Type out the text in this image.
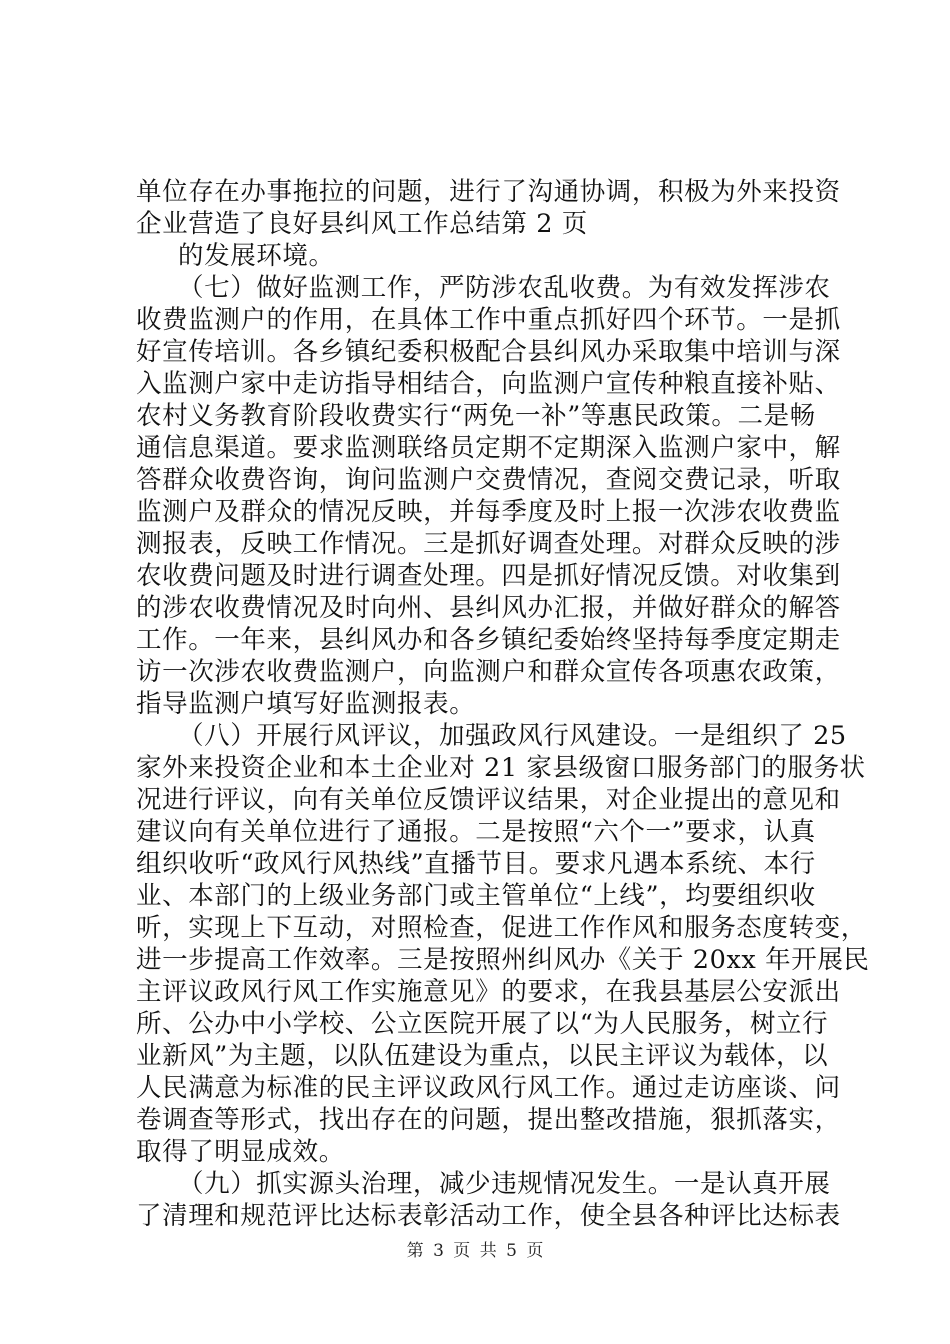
单位存在办事拖拉的问题，进行了沟通协调，积极为外来投资
企业营造了良好县纠风工作总结第 2 页
的发展环境。
（七）做好监测工作，严防涉农乱收费。为有效发挥涉农
收费监测户的作用，在具体工作中重点抓好四个环节。一是抓
好宣传培训。各乡镇纪委积极配合县纠风办采取集中培训与深
入监测户家中走访指导相结合，向监测户宣传种粮直接补贴、
农村义务教育阶段收费实行“两免一补”等惠民政策。二是畅
通信息渠道。要求监测联络员定期不定期深入监测户家中，解
答群众收费咨询，询问监测户交费情况，查阅交费记录，听取
监测户及群众的情况反映，并每季度及时上报一次涉农收费监
测报表，反映工作情况。三是抓好调查处理。对群众反映的涉
农收费问题及时进行调查处理。四是抓好情况反馈。对收集到
的涉农收费情况及时向州、县纠风办汇报，并做好群众的解答
工作。一年来，县纠风办和各乡镇纪委始终坚持每季度定期走
访一次涉农收费监测户，向监测户和群众宣传各项惠农政策，
指导监测户填写好监测报表。
（八）开展行风评议，加强政风行风建设。一是组织了 25
家外来投资企业和本土企业对 21 家县级窗口服务部门的服务状
况进行评议，向有关单位反馈评议结果，对企业提出的意见和
建议向有关单位进行了通报。二是按照“六个一”要求，认真
组织收听“政风行风热线”直播节目。要求凡遇本系统、本行
业、本部门的上级业务部门或主管单位“上线”，均要组织收
听，实现上下互动，对照检查，促进工作作风和服务态度转变，
进一步提高工作效率。三是按照州纠风办《关于 20xx 年开展民
主评议政风行风工作实施意见》的要求，在我县基层公安派出
所、公办中小学校、公立医院开展了以“为人民服务，树立行
业新风”为主题，以队伍建设为重点，以民主评议为载体，以
人民满意为标准的民主评议政风行风工作。通过走访座谈、问
卷调查等形式，找出存在的问题，提出整改措施，狠抓落实，
取得了明显成效。
（九）抓实源头治理，减少违规情况发生。一是认真开展
了清理和规范评比达标表彰活动工作，使全县各种评比达标表
第 3 页 共 5 页
